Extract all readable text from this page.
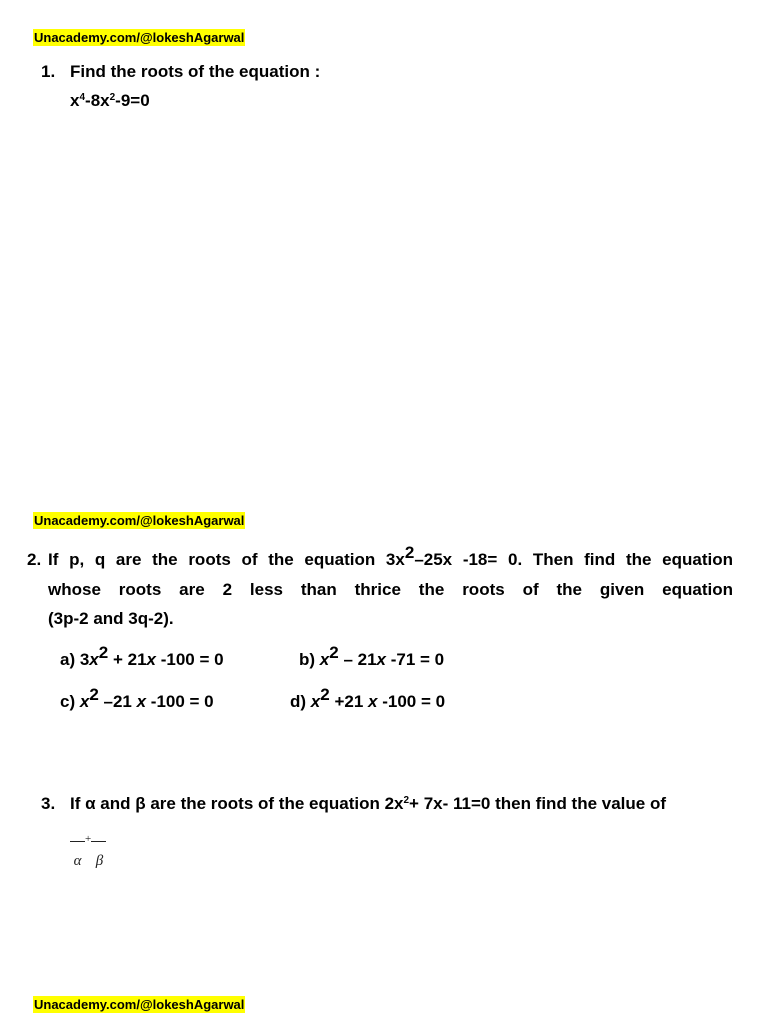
Unacademy.com/@lokeshAgarwal
Unacademy.com/@lokeshAgarwal
Unacademy.com/@lokeshAgarwal
1. Find the roots of the equation :
$x^4-8x^2-9=0$
2. If p, q are the roots of the equation 3x2–25x -18= 0. Then find the equation
whose roots are 2 less than thrice the roots of the given equation
(3p-2 and 3q-2).
a) 3x2 + 21x -100 = 0	b) x2 – 21x -71 = 0
c) x2 –21 x -100 = 0	d) x2 +21 x -100 = 0
3. If α and β are the roots of the equation $2x^2+ 7x-$ 11=0 then find the value of
+
α β
